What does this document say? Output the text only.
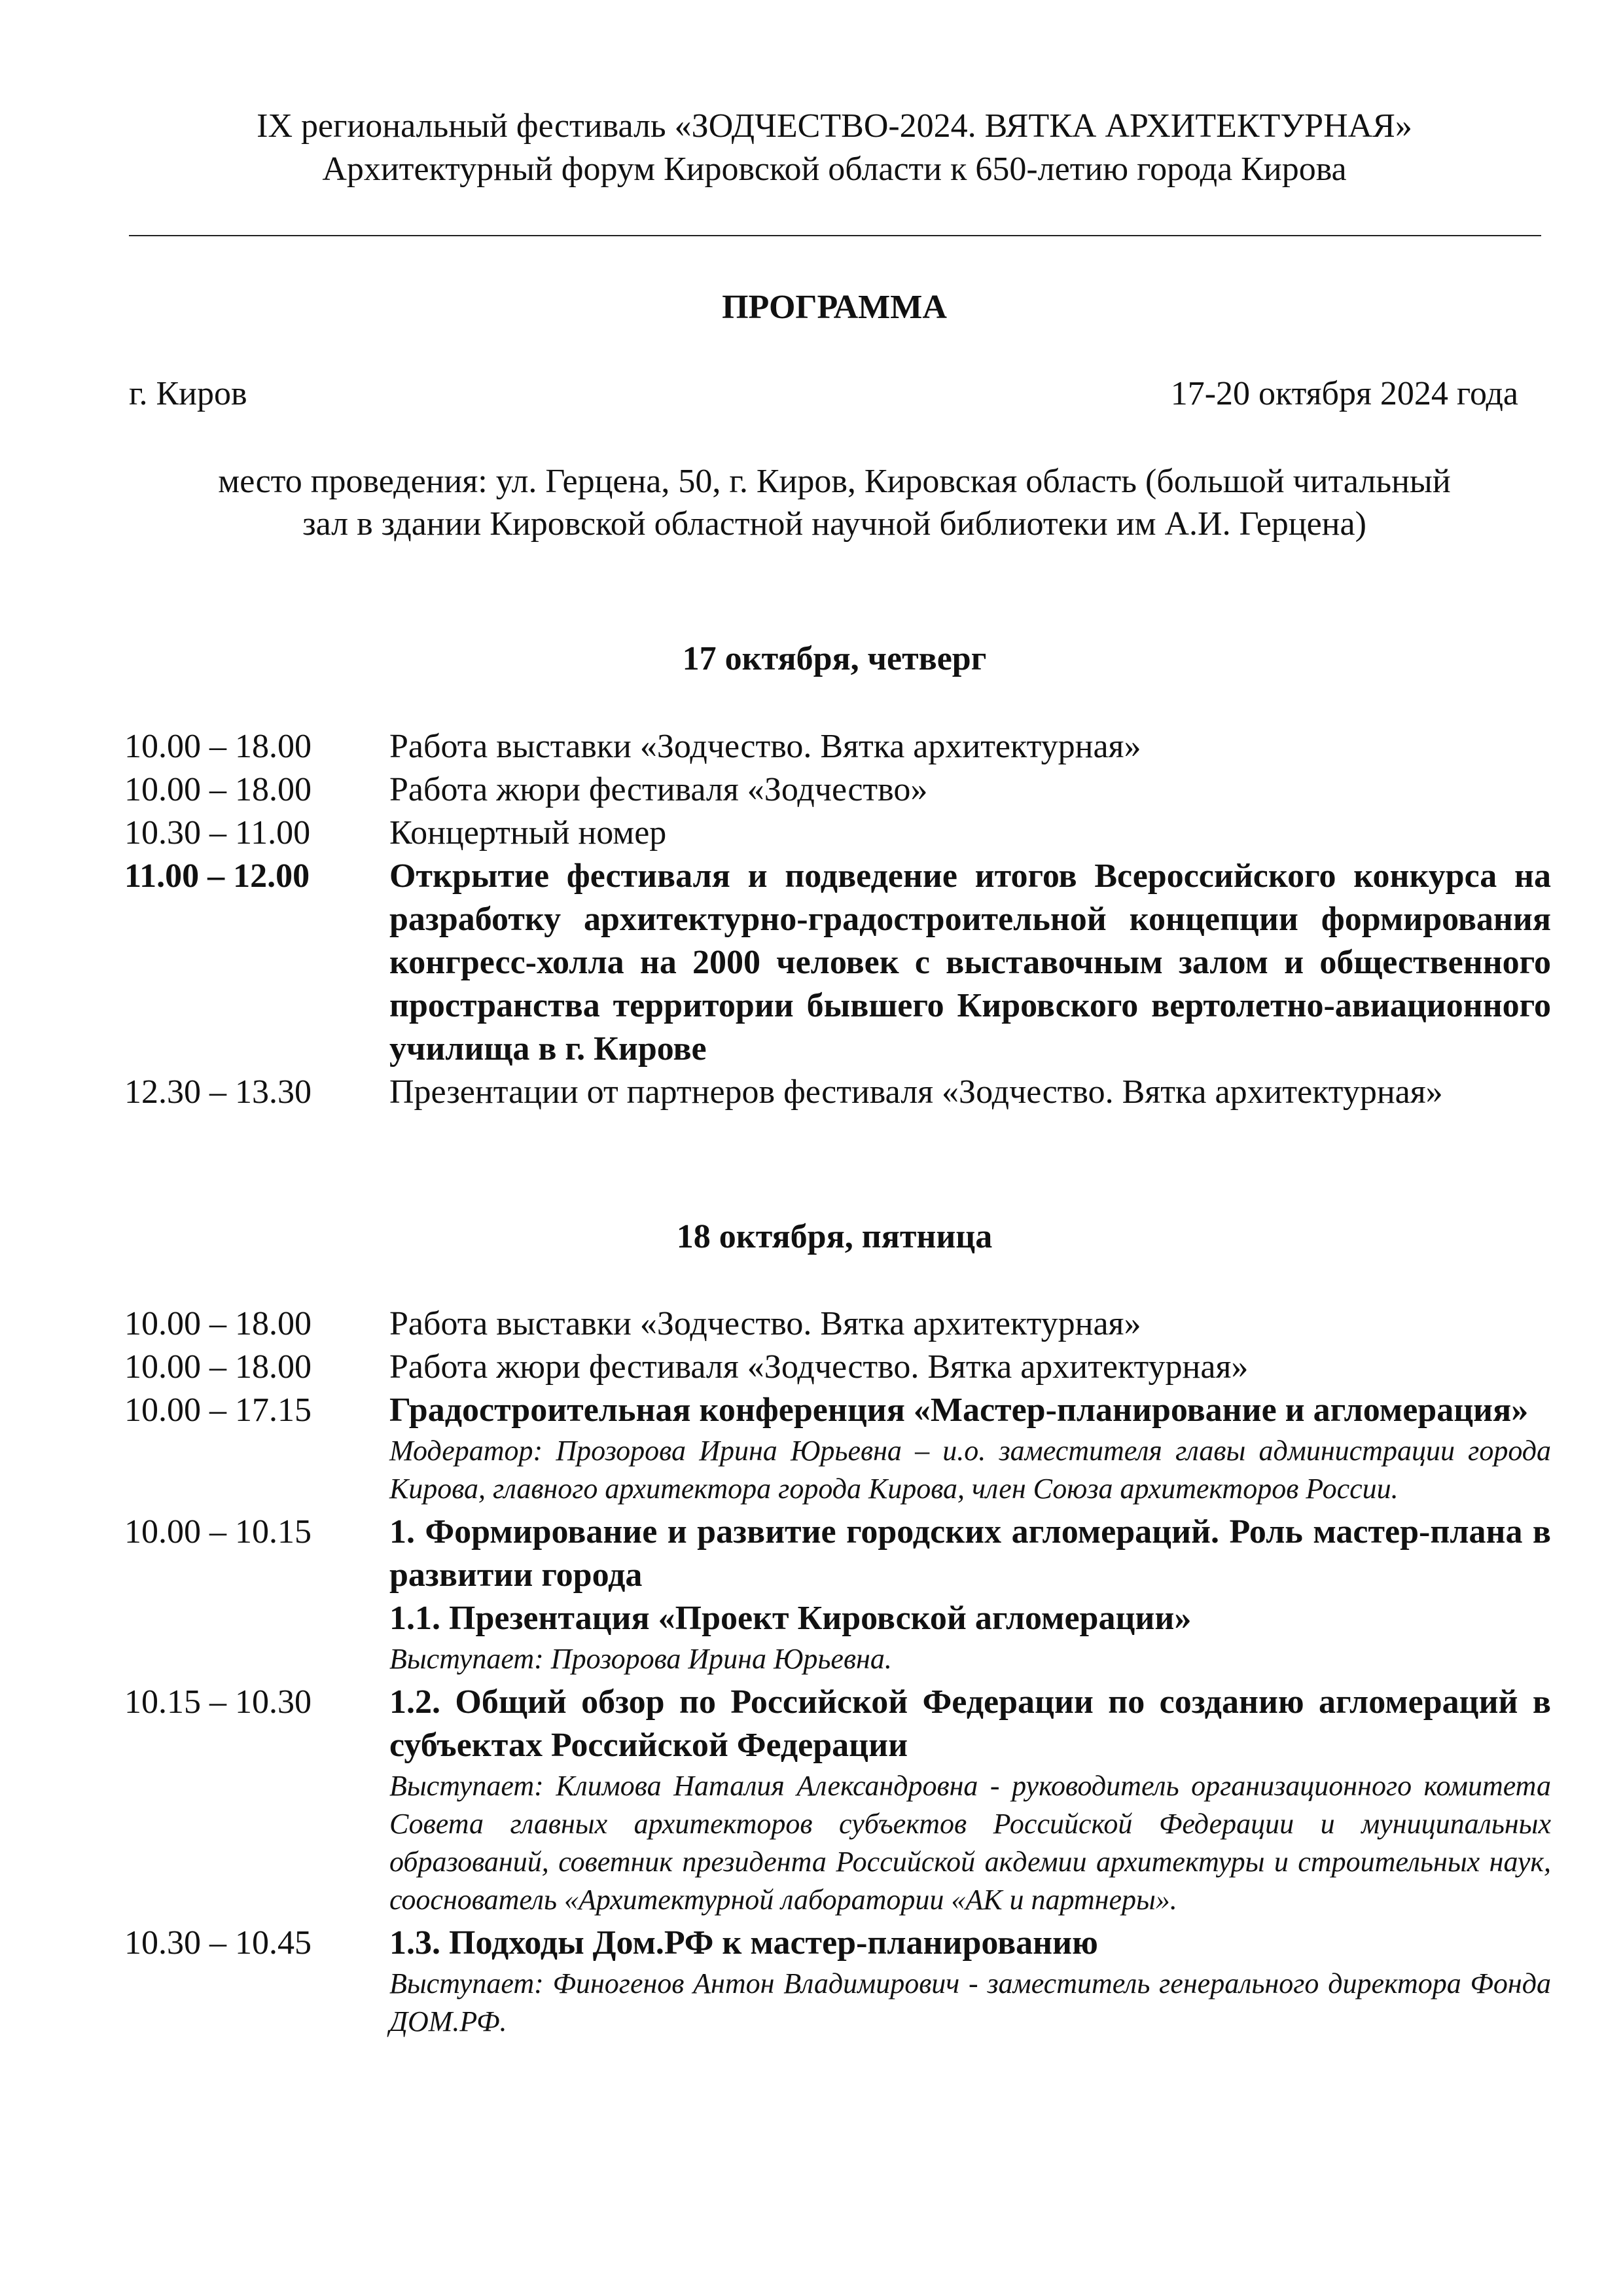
IX региональный фестиваль «ЗОДЧЕСТВО-2024. ВЯТКА АРХИТЕКТУРНАЯ»
Архитектурный форум Кировской области к 650-летию города Кирова
ПРОГРАММА
г. Киров	17-20 октября 2024 года
место проведения: ул. Герцена, 50, г. Киров, Кировская область (большой читальный
зал в здании Кировской областной научной библиотеки им А.И. Герцена)
17 октября, четверг
10.00 – 18.00	Работа выставки «Зодчество. Вятка архитектурная»
10.00 – 18.00	Работа жюри фестиваля «Зодчество»
10.30 – 11.00	Концертный номер
11.00 – 12.00	Открытие фестиваля и подведение итогов Всероссийского конкурса на разработку архитектурно-градостроительной концепции формирования конгресс-холла на 2000 человек с выставочным залом и общественного пространства территории бывшего Кировского вертолетно-авиационного училища в г. Кирове
12.30 – 13.30	Презентации от партнеров фестиваля «Зодчество. Вятка архитектурная»
18 октября, пятница
10.00 – 18.00	Работа выставки «Зодчество. Вятка архитектурная»
10.00 – 18.00	Работа жюри фестиваля «Зодчество. Вятка архитектурная»
10.00 – 17.15	Градостроительная конференция «Мастер-планирование и агломерация»
Модератор: Прозорова Ирина Юрьевна – и.о. заместителя главы администрации города Кирова, главного архитектора города Кирова, член Союза архитекторов России.
10.00 – 10.15	1. Формирование и развитие городских агломераций. Роль мастер-плана в развитии города
1.1. Презентация «Проект Кировской агломерации»
Выступает: Прозорова Ирина Юрьевна.
10.15 – 10.30	1.2. Общий обзор по Российской Федерации по созданию агломераций в субъектах Российской Федерации
Выступает: Климова Наталия Александровна - руководитель организационного комитета Совета главных архитекторов субъектов Российской Федерации и муниципальных образований, советник президента Российской акдемии архитектуры и строительных наук, сооснователь «Архитектурной лаборатории «АК и партнеры».
10.30 – 10.45	1.3. Подходы Дом.РФ к мастер-планированию
Выступает: Финогенов Антон Владимирович - заместитель генерального директора Фонда ДОМ.РФ.
